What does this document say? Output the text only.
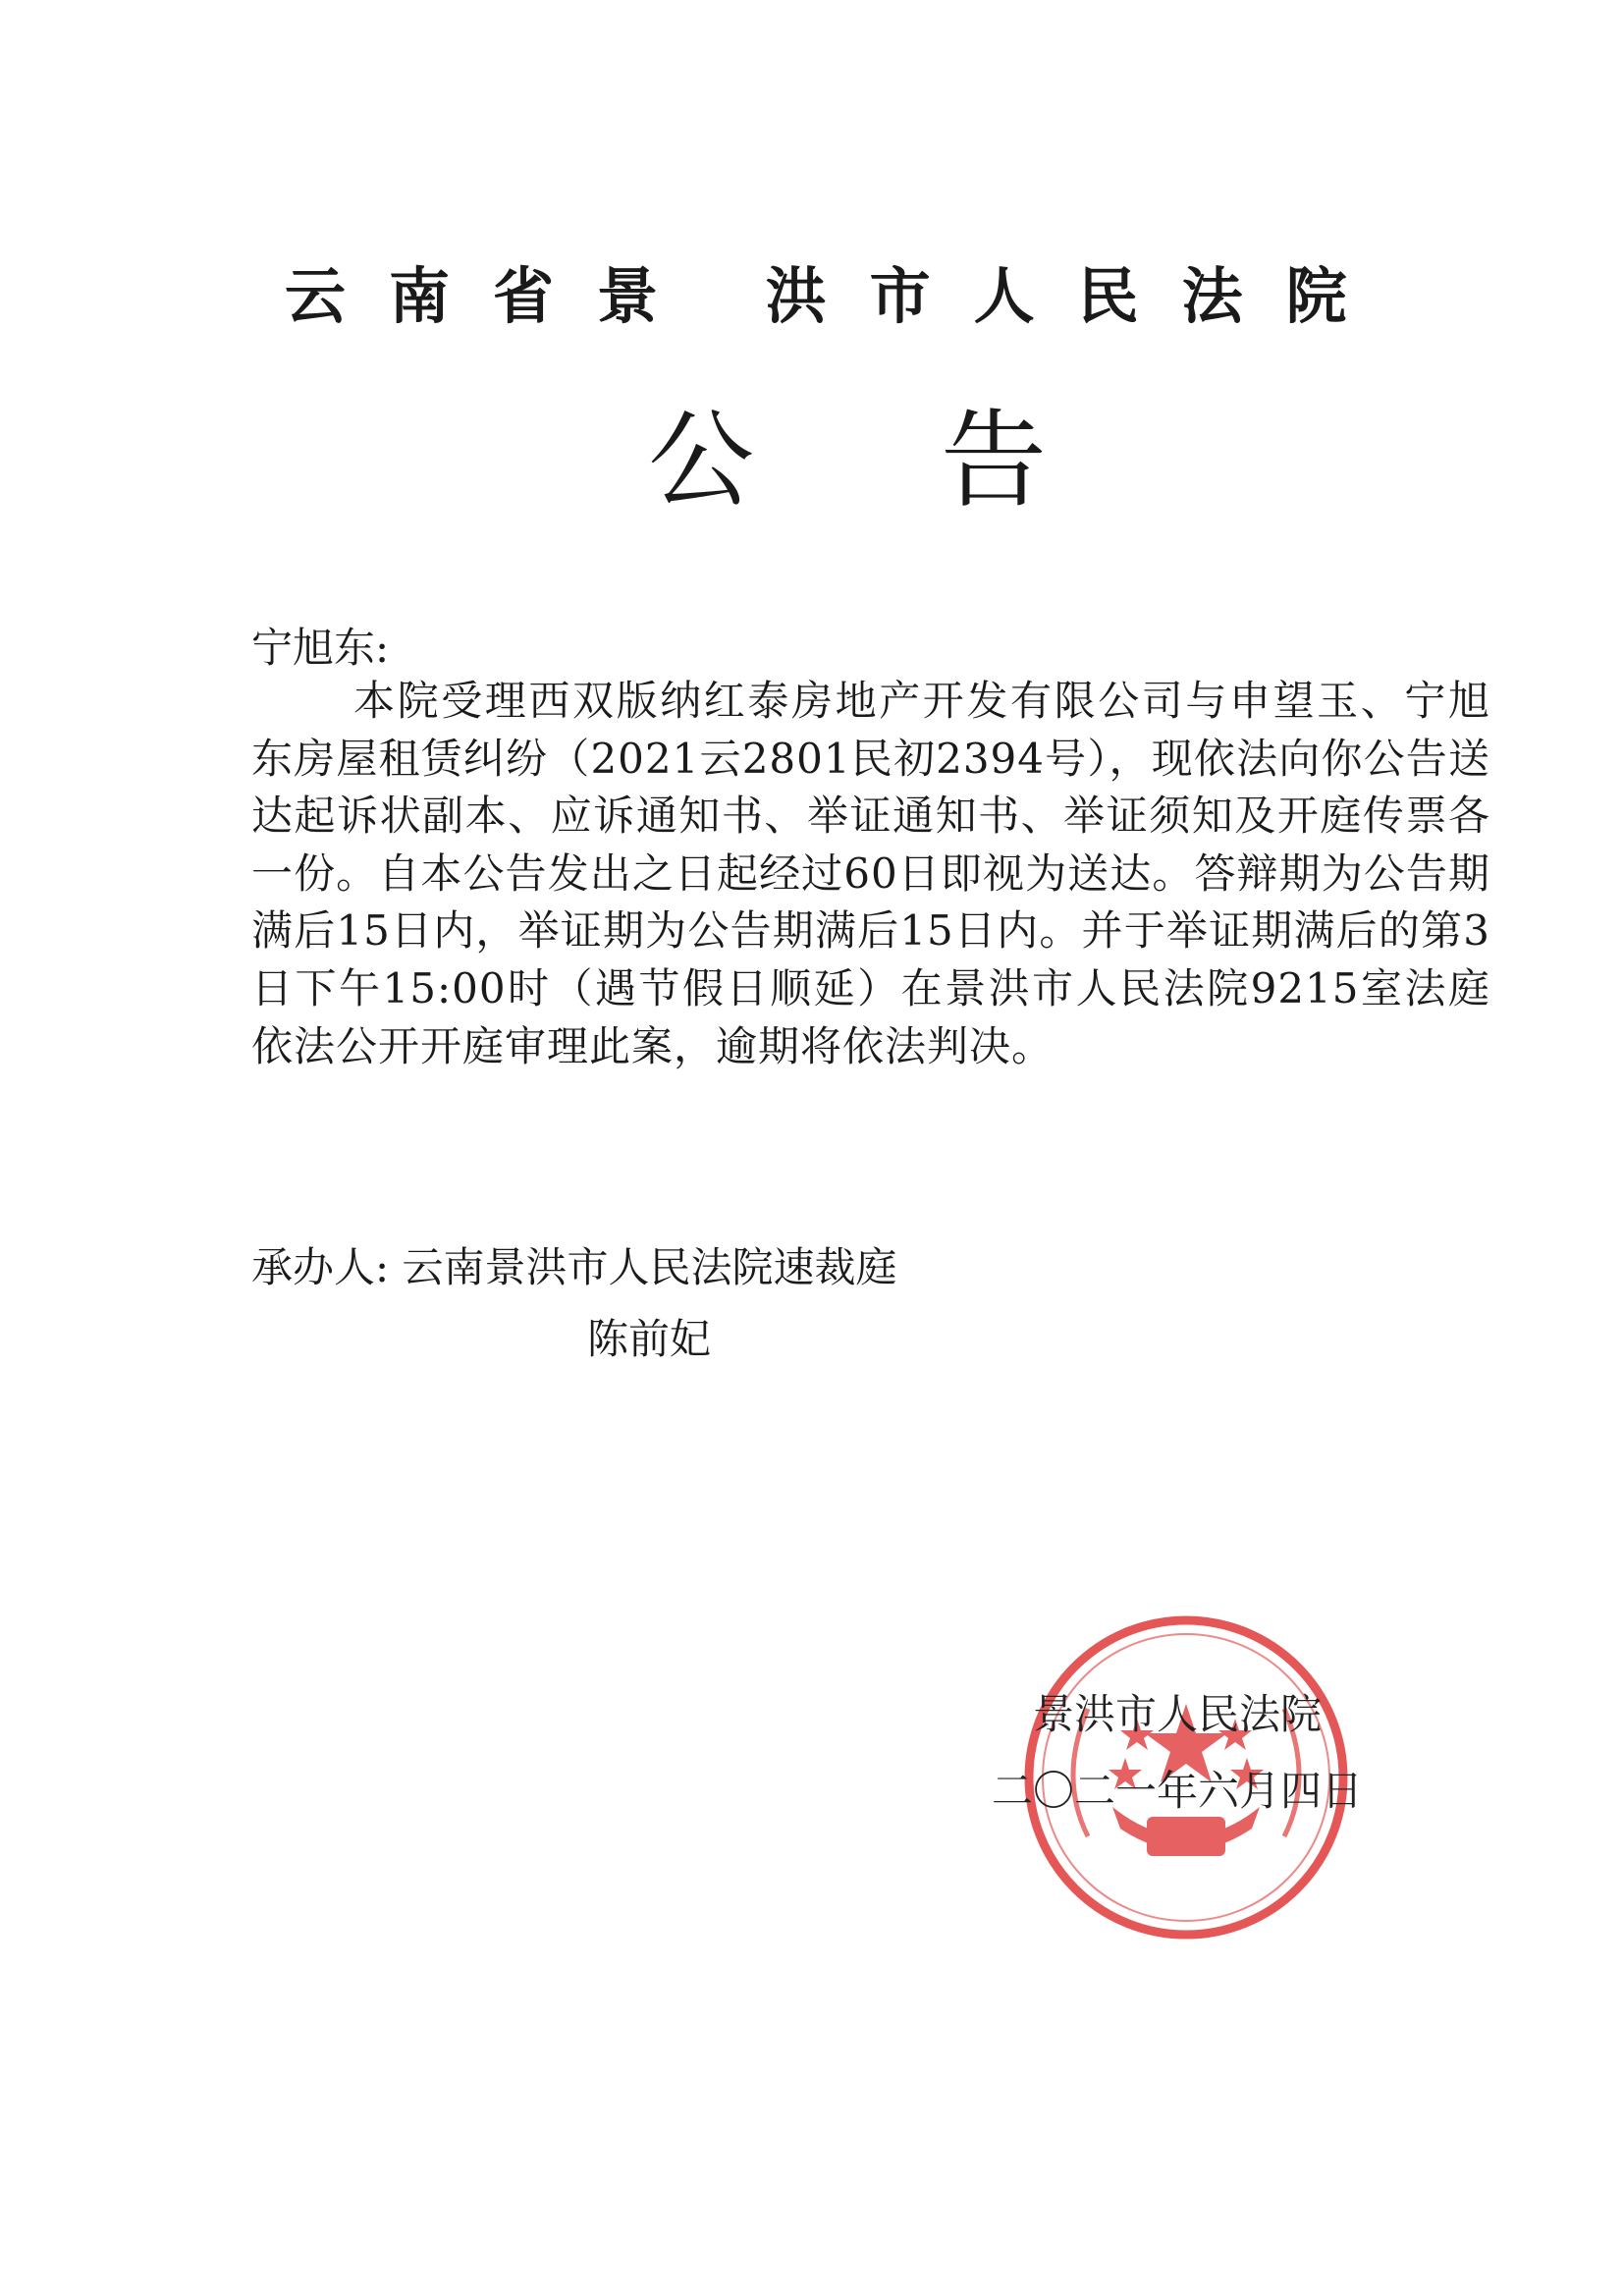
云南省景 洪市人民法院
公告
宁旭东:

本院受理西双版纳红泰房地产开发有限公司与申望玉、宁旭东房屋租赁纠纷（2021云2801民初2394号），现依法向你公告送达起诉状副本、应诉通知书、举证通知书、举证须知及开庭传票各一份。自本公告发出之日起经过60日即视为送达。答辩期为公告期满后15日内，举证期为公告期满后15日内。并于举证期满后的第3日下午15:00时（遇节假日顺延）在景洪市人民法院9215室法庭依法公开开庭审理此案，逾期将依法判决。

承办人: 云南景洪市人民法院速裁庭
陈前妃
景洪市人民法院
二〇二一年六月四日
